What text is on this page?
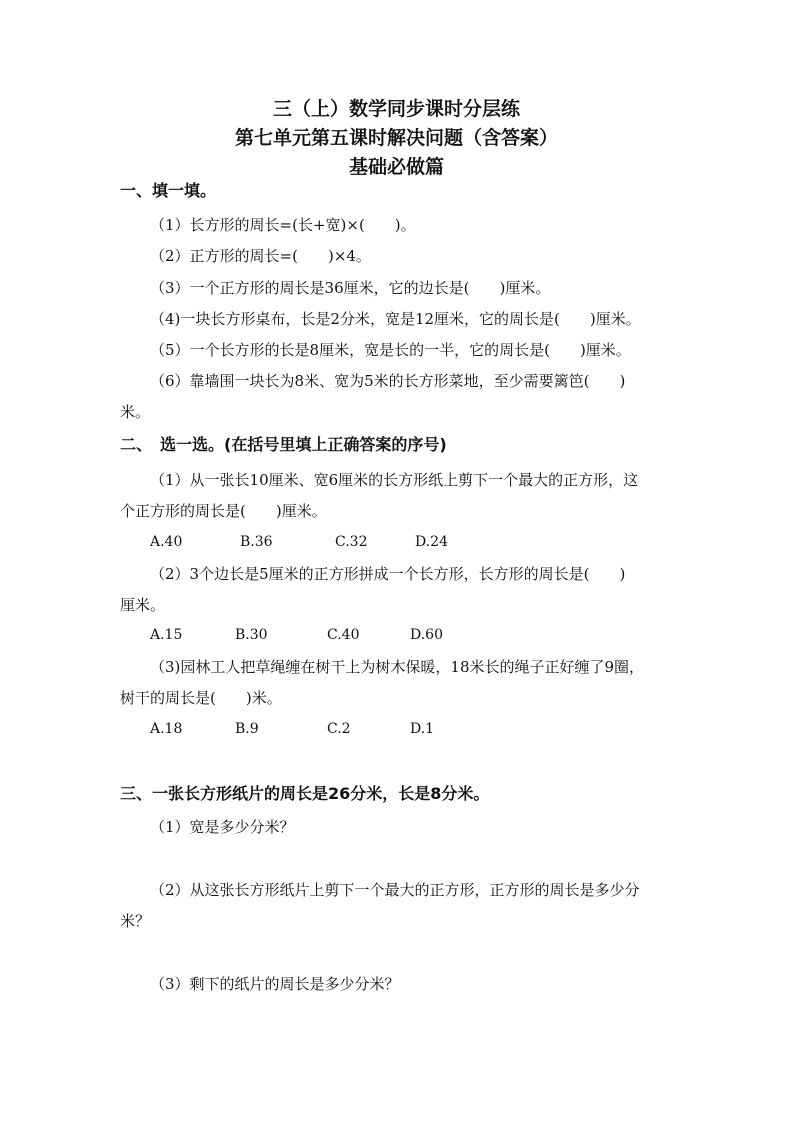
三（上）数学同步课时分层练
第七单元第五课时解决问题（含答案）
基础必做篇
一、填一填。
（1）长方形的周长=(长+宽)×(　　)。
（2）正方形的周长=(　　)×4。
（3）一个正方形的周长是36厘米，它的边长是(　　)厘米。
（4)一块长方形桌布，长是2分米，宽是12厘米，它的周长是(　　)厘米。
（5）一个长方形的长是8厘米，宽是长的一半，它的周长是(　　)厘米。
（6）靠墙围一块长为8米、宽为5米的长方形菜地，至少需要篱笆(　　)
米。
二、　选一选。(在括号里填上正确答案的序号)
（1）从一张长10厘米、宽6厘米的长方形纸上剪下一个最大的正方形，这
个正方形的周长是(　　)厘米。
A.40	B.36	C.32	D.24
（2）3个边长是5厘米的正方形拼成一个长方形，长方形的周长是(　　)
厘米。
A.15	B.30	C.40	D.60
（3)园林工人把草绳缠在树干上为树木保暖，18米长的绳子正好缠了9圈，
树干的周长是(　　)米。
A.18	B.9	C.2	D.1
三、一张长方形纸片的周长是26分米，长是8分米。
（1）宽是多少分米？
（2）从这张长方形纸片上剪下一个最大的正方形，正方形的周长是多少分
米？
（3）剩下的纸片的周长是多少分米？
